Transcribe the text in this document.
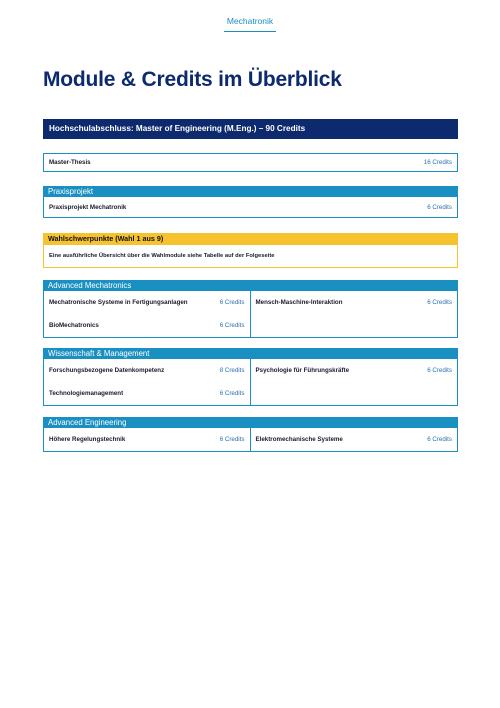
Mechatronik
Module & Credits im Überblick
Hochschulabschluss: Master of Engineering (M.Eng.) – 90 Credits
Master-Thesis	16 Credits
Praxisprojekt
Praxisprojekt Mechatronik	6 Credits
Wahlschwerpunkte (Wahl 1 aus 9)
Eine ausführliche Übersicht über die Wahlmodule siehe Tabelle auf der Folgeseite
Advanced Mechatronics
Mechatronische Systeme in Fertigungsanlagen	6 Credits Mensch-Maschine-Interaktion	6 Credits
BioMechatronics	6 Credits
Wissenschaft & Management
Forschungsbezogene Datenkompetenz	8 Credits Psychologie für Führungskräfte	6 Credits
Technologiemanagement	6 Credits
Advanced Engineering
Höhere Regelungstechnik	6 Credits Elektromechanische Systeme	6 Credits
